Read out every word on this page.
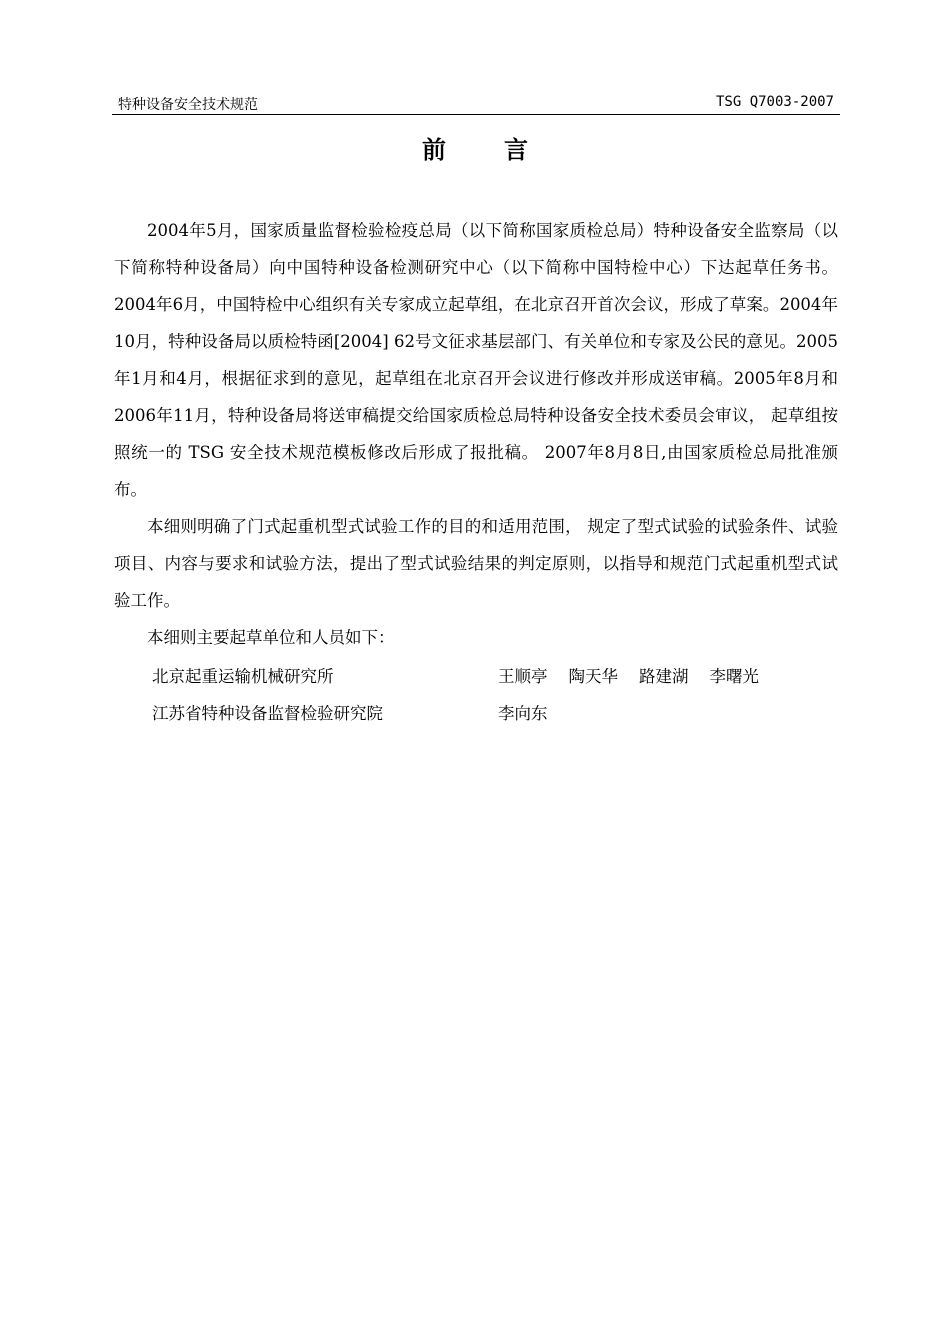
特种设备安全技术规范	TSG Q7003-2007
前言

2004年5月，国家质量监督检验检疫总局（以下简称国家质检总局）特种设备安全监察局（以下简称特种设备局）向中国特种设备检测研究中心（以下简称中国特检中心）下达起草任务书。2004年6月，中国特检中心组织有关专家成立起草组，在北京召开首次会议，形成了草案。2004年10月，特种设备局以质检特函[2004] 62号文征求基层部门、有关单位和专家及公民的意见。2005年1月和4月，根据征求到的意见，起草组在北京召开会议进行修改并形成送审稿。2005年8月和2006年11月，特种设备局将送审稿提交给国家质检总局特种设备安全技术委员会审议， 起草组按照统一的 TSG 安全技术规范模板修改后形成了报批稿。 2007年8月8日,由国家质检总局批准颁布。

本细则明确了门式起重机型式试验工作的目的和适用范围， 规定了型式试验的试验条件、试验项目、内容与要求和试验方法，提出了型式试验结果的判定原则，以指导和规范门式起重机型式试验工作。

本细则主要起草单位和人员如下：

北京起重运输机械研究所	王顺亭 陶天华 路建湖 李曙光
江苏省特种设备监督检验研究院	李向东
